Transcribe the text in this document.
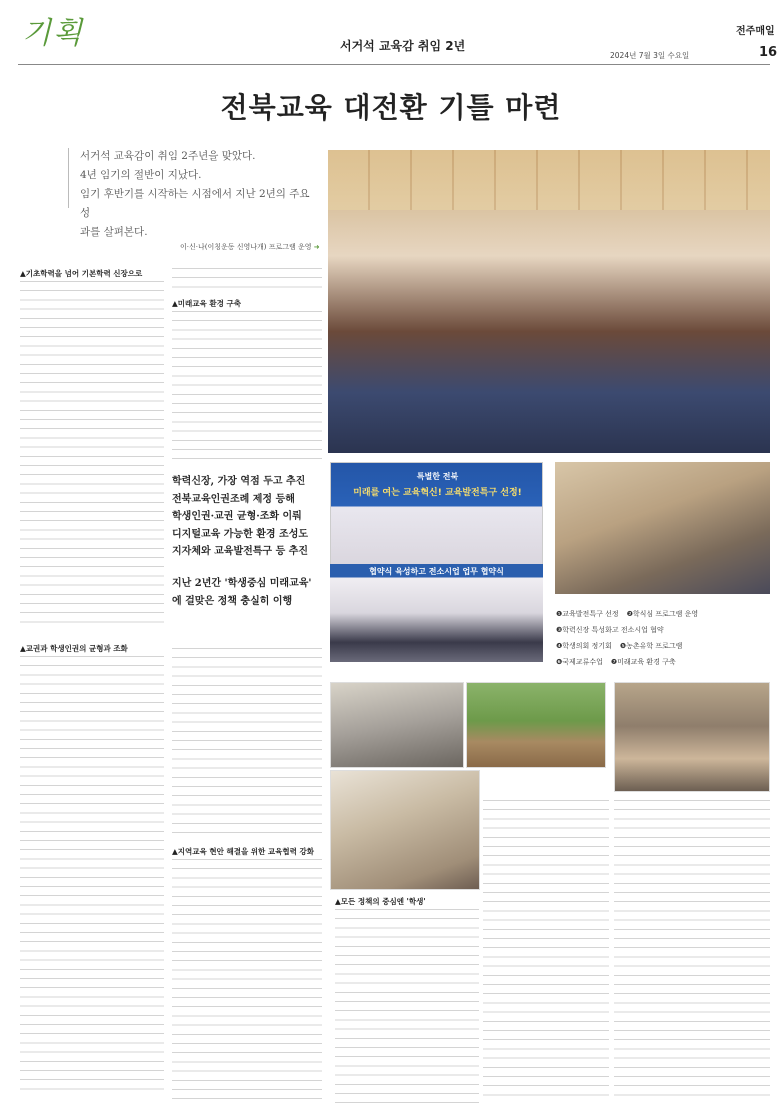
기획	서거석 교육감 취임 2년
전주매일
2024년 7월 3일 수요일	16
전북교육 대전환 기틀 마련

서거석 교육감이 취임 2주년을 맞았다.

4년 임기의 절반이 지났다.

임기 후반기를 시작하는 시점에서 지난 2년의 주요 성

과를 살펴본다.

이·신·나(이칭운동 신영나개) 프로그램 운영 ➜
▲기초학력을 넘어 기본학력 신장으로
▲교권과 학생인권의 균형과 조화
▲미래교육 환경 구축
학력신장, 가장 역점 두고 추진
전북교육인권조례 제정 등해
학생인권·교권 균형·조화 이뤄
디지털교육 가능한 환경 조성도
지자체와 교육발전특구 등 추진
지난 2년간 '학생중심 미래교육'
에 걸맞은 정책 충실히 이행
▲지역교육 현안 해결을 위한 교육협력 강화
특별한 전북
미래를 여는 교육혁신! 교육발전특구 선정!
협약식 육성하고 전소시업 업무 협약식
❶교육발전특구 선정 ❷학식심 프로그램 운영
❸학력신장 특성화고 전소시업 협약
❹학생의회 정기회 ❺농촌유학 프로그램
❻국제교류수업 ❼미래교육 환경 구축
▲모든 정책의 중심엔 '학생'
